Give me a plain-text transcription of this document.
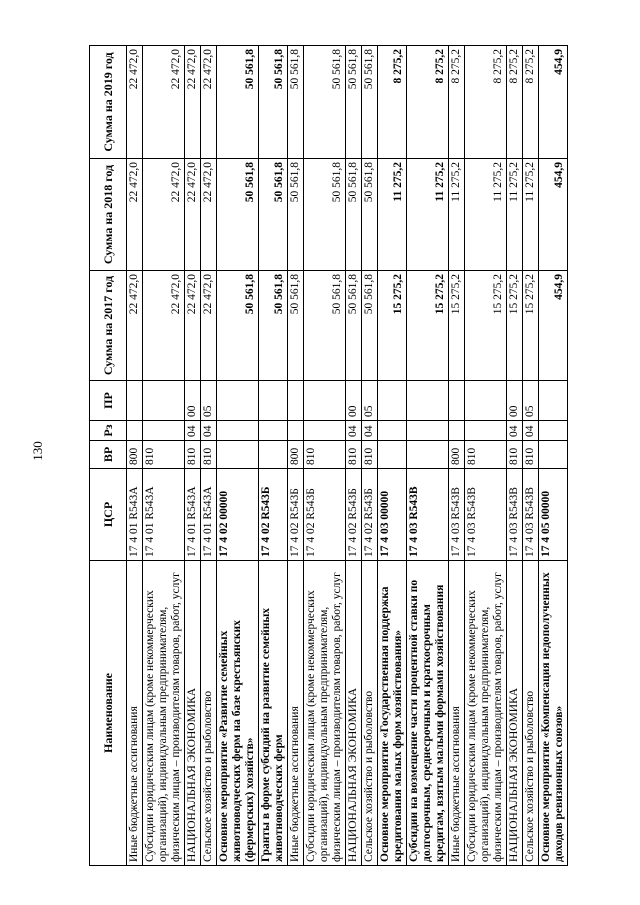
130
Наименование	ЦСР	ВР	Рз	ПР	Сумма на 2017 год	Сумма на 2018 год	Сумма на 2019 год
Иные бюджетные ассигнования	17 4 01 R543А	800			22 472,0	22 472,0	22 472,0
Субсидии юридическим лицам (кроме некоммерческих организаций), индивидуальным предпринимателям, физическим лицам – производителям товаров, работ, услуг	17 4 01 R543А	810			22 472,0	22 472,0	22 472,0
НАЦИОНАЛЬНАЯ ЭКОНОМИКА	17 4 01 R543А	810	04	00	22 472,0	22 472,0	22 472,0
Сельское хозяйство и рыболовство	17 4 01 R543А	810	04	05	22 472,0	22 472,0	22 472,0
Основное мероприятие «Развитие семейных животноводческих ферм на базе крестьянских (фермерских) хозяйств»	17 4 02 00000				50 561,8	50 561,8	50 561,8
Гранты в форме субсидий на развитие семейных животноводческих ферм	17 4 02 R543Б				50 561,8	50 561,8	50 561,8
Иные бюджетные ассигнования	17 4 02 R543Б	800			50 561,8	50 561,8	50 561,8
Субсидии юридическим лицам (кроме некоммерческих организаций), индивидуальным предпринимателям, физическим лицам – производителям товаров, работ, услуг	17 4 02 R543Б	810			50 561,8	50 561,8	50 561,8
НАЦИОНАЛЬНАЯ ЭКОНОМИКА	17 4 02 R543Б	810	04	00	50 561,8	50 561,8	50 561,8
Сельское хозяйство и рыболовство	17 4 02 R543Б	810	04	05	50 561,8	50 561,8	50 561,8
Основное мероприятие «Государственная поддержка кредитования малых форм хозяйствования»	17 4 03 00000				15 275,2	11 275,2	8 275,2
Субсидии на возмещение части процентной ставки по долгосрочным, среднесрочным и краткосрочным кредитам, взятым малыми формами хозяйствования	17 4 03 R543В				15 275,2	11 275,2	8 275,2
Иные бюджетные ассигнования	17 4 03 R543В	800			15 275,2	11 275,2	8 275,2
Субсидии юридическим лицам (кроме некоммерческих организаций), индивидуальным предпринимателям, физическим лицам – производителям товаров, работ, услуг	17 4 03 R543В	810			15 275,2	11 275,2	8 275,2
НАЦИОНАЛЬНАЯ ЭКОНОМИКА	17 4 03 R543В	810	04	00	15 275,2	11 275,2	8 275,2
Сельское хозяйство и рыболовство	17 4 03 R543В	810	04	05	15 275,2	11 275,2	8 275,2
Основное мероприятие «Компенсация недополученных доходов ревизионных союзов»	17 4 05 00000				454,9	454,9	454,9
